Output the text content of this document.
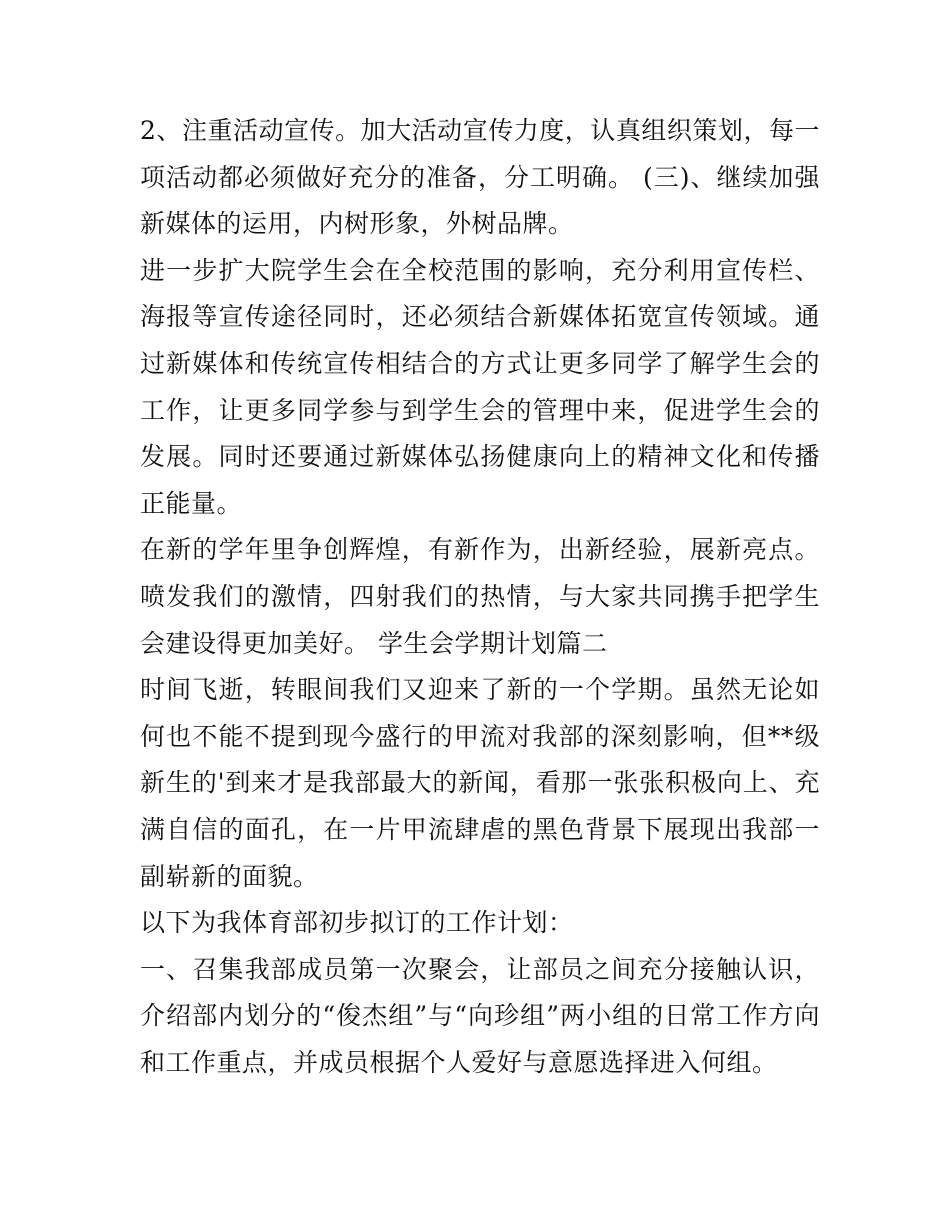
2、注重活动宣传。加大活动宣传力度，认真组织策划，每一项活动都必须做好充分的准备，分工明确。 (三)、继续加强新媒体的运用，内树形象，外树品牌。

进一步扩大院学生会在全校范围的影响，充分利用宣传栏、海报等宣传途径同时，还必须结合新媒体拓宽宣传领域。通过新媒体和传统宣传相结合的方式让更多同学了解学生会的工作，让更多同学参与到学生会的管理中来，促进学生会的发展。同时还要通过新媒体弘扬健康向上的精神文化和传播正能量。

在新的学年里争创辉煌，有新作为，出新经验，展新亮点。喷发我们的激情，四射我们的热情，与大家共同携手把学生会建设得更加美好。 学生会学期计划篇二

时间飞逝，转眼间我们又迎来了新的一个学期。虽然无论如何也不能不提到现今盛行的甲流对我部的深刻影响，但**级新生的'到来才是我部最大的新闻，看那一张张积极向上、充满自信的面孔，在一片甲流肆虐的黑色背景下展现出我部一副崭新的面貌。

以下为我体育部初步拟订的工作计划：

一、召集我部成员第一次聚会，让部员之间充分接触认识，介绍部内划分的“俊杰组”与“向珍组”两小组的日常工作方向和工作重点，并成员根据个人爱好与意愿选择进入何组。
